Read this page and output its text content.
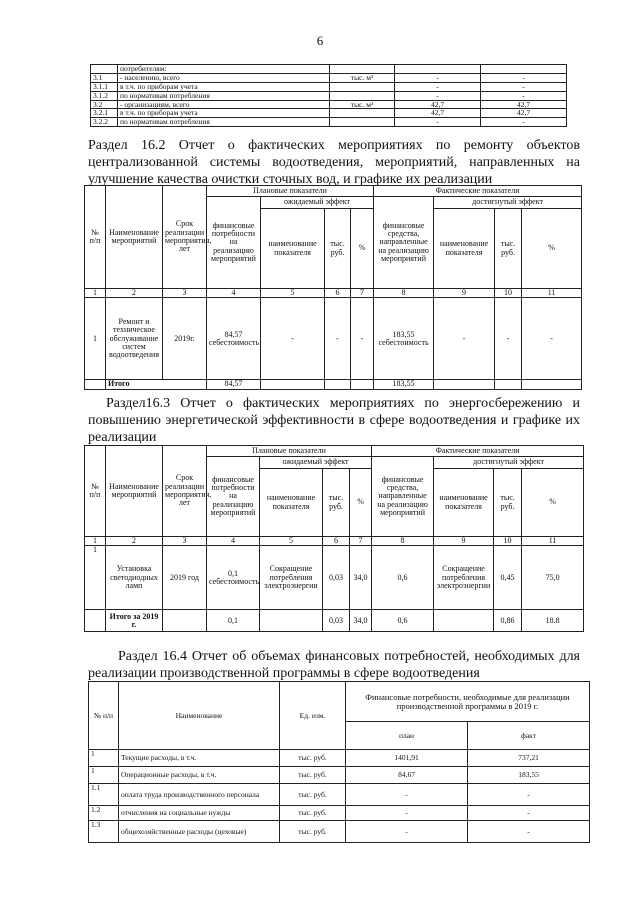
6
	потребителям:			
3.1	- населению, всего	тыс. м³	-	-
3.1.1	в т.ч. по приборам учета		-	-
3.1.2	по нормативам потребления		-	-
3.2	- организациям, всего	тыс. м³	42,7	42,7
3.2.1	в т.ч. по приборам учета		42,7	42,7
3.2.2	по нормативам потребления		-	-
Раздел 16.2 Отчет о фактических мероприятиях по ремонту объектов
централизованной системы водоотведения, мероприятий, направленных на
улучшение качества очистки сточных вод, и графике их реализации
№ п/п	Наименование мероприятий	Срок реализации мероприятия, лет	Плановые показатели				Фактические показатели			
			финансовые потребности на реализацию мероприятий	ожидаемый эффект			финансовые средства, направленные на реализацию мероприятий	достигнутый эффект		
				наименование показателя	тыс. руб.	%		наименование показателя	тыс. руб.	%
1	2	3	4	5	6	7	8	9	10	11
1	Ремонт и техническое обслуживание систем водоотведения	2019г.	84,57 себестоимость	-	-	-	183,55 себестоимость	-	-	-
	Итого		84,57				183,55			
Раздел16.3 Отчет о фактических мероприятиях по энергосбережению и
повышению энергетической эффективности в сфере водоотведения и графике их
реализации
№ п/п	Наименование мероприятий	Срок реализации мероприятия, лет	Плановые показатели				Фактические показатели			
			финансовые потребности на реализацию мероприятий	ожидаемый эффект			финансовые средства, направленные на реализацию мероприятий	достигнутый эффект		
				наименование показателя	тыс. руб.	%		наименование показателя	тыс. руб.	%
1	2	3	4	5	6	7	8	9	10	11
1	Установка светодиодных ламп	2019 год	0,1 себестоимость	Сокращение потребления электроэнергии	0,03	34,0	0,6	Сокращение потребления электроэнергии	0,45	75,0
	Итого за 2019 г.		0,1		0,03	34,0	0,6		0,86	18.8
Раздел 16.4 Отчет об объемах финансовых потребностей, необходимых для
реализации производственной программы в сфере водоотведения
№ п/п	Наименование	Ед. изм.	Финансовые потребности, необходимые для реализации производственной программы в 2019 г.	
			план	факт
1	Текущие расходы, в т.ч.	тыс. руб.	1401,91	737,21
1	Операционные расходы, в т.ч.	тыс. руб.	84,67	183,55
1.1	оплата труда производственного персонала	тыс. руб.	-	-
1.2	отчисления на социальные нужды	тыс. руб.	-	-
1.3	общехозяйственные расходы (цеховые)	тыс. руб.	-	-
